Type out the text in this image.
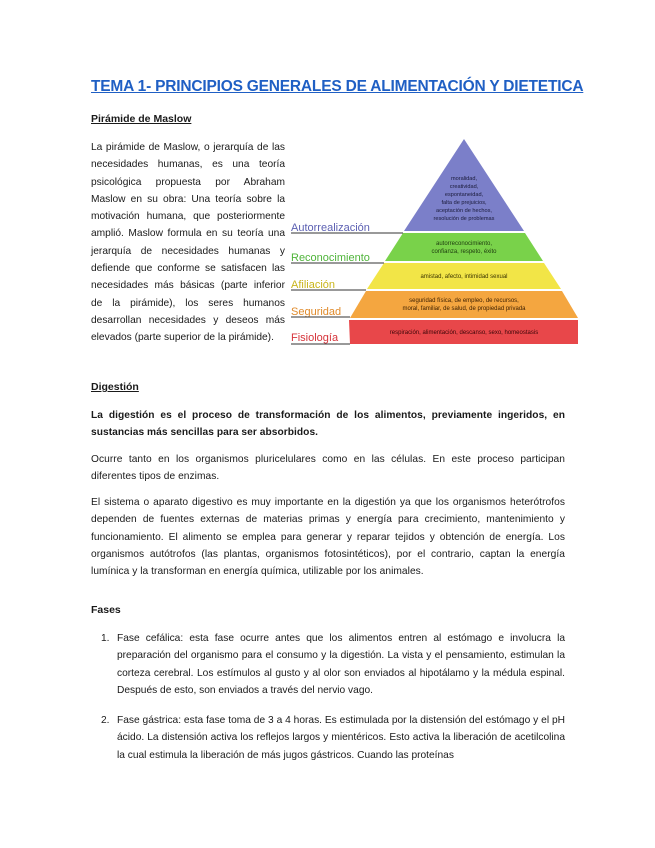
TEMA 1- PRINCIPIOS GENERALES DE ALIMENTACIÓN Y DIETETICA
Pirámide de Maslow
La pirámide de Maslow, o jerarquía de las necesidades humanas, es una teoría psicológica propuesta por Abraham Maslow en su obra: Una teoría sobre la motivación humana, que posteriormente amplió. Maslow formula en su teoría una jerarquía de necesidades humanas y defiende que conforme se satisfacen las necesidades más básicas (parte inferior de la pirámide), los seres humanos desarrollan necesidades y deseos más elevados (parte superior de la pirámide).
moralidad,
creatividad,
espontaneidad,
falta de prejuicios,
aceptación de hechos,
resolución de problemas
autorreconocimiento,
confianza, respeto, éxito
amistad, afecto, intimidad sexual
seguridad física, de empleo, de recursos,
moral, familiar, de salud, de propiedad privada
respiración, alimentación, descanso, sexo, homeostasis
Autorrealización
Reconocimiento
Afiliación
Seguridad
Fisiología
Digestión
La digestión es el proceso de transformación de los alimentos, previamente ingeridos, en sustancias más sencillas para ser absorbidos.
Ocurre tanto en los organismos pluricelulares como en las células. En este proceso participan diferentes tipos de enzimas.
El sistema o aparato digestivo es muy importante en la digestión ya que los organismos heterótrofos dependen de fuentes externas de materias primas y energía para crecimiento, mantenimiento y funcionamiento. El alimento se emplea para generar y reparar tejidos y obtención de energía. Los organismos autótrofos (las plantas, organismos fotosintéticos), por el contrario, captan la energía lumínica y la transforman en energía química, utilizable por los animales.
Fases
1. Fase cefálica: esta fase ocurre antes que los alimentos entren al estómago e involucra la preparación del organismo para el consumo y la digestión. La vista y el pensamiento, estimulan la corteza cerebral. Los estímulos al gusto y al olor son enviados al hipotálamo y la médula espinal. Después de esto, son enviados a través del nervio vago.
2. Fase gástrica: esta fase toma de 3 a 4 horas. Es estimulada por la distensión del estómago y el pH ácido. La distensión activa los reflejos largos y mientéricos. Esto activa la liberación de acetilcolina la cual estimula la liberación de más jugos gástricos. Cuando las proteínas
